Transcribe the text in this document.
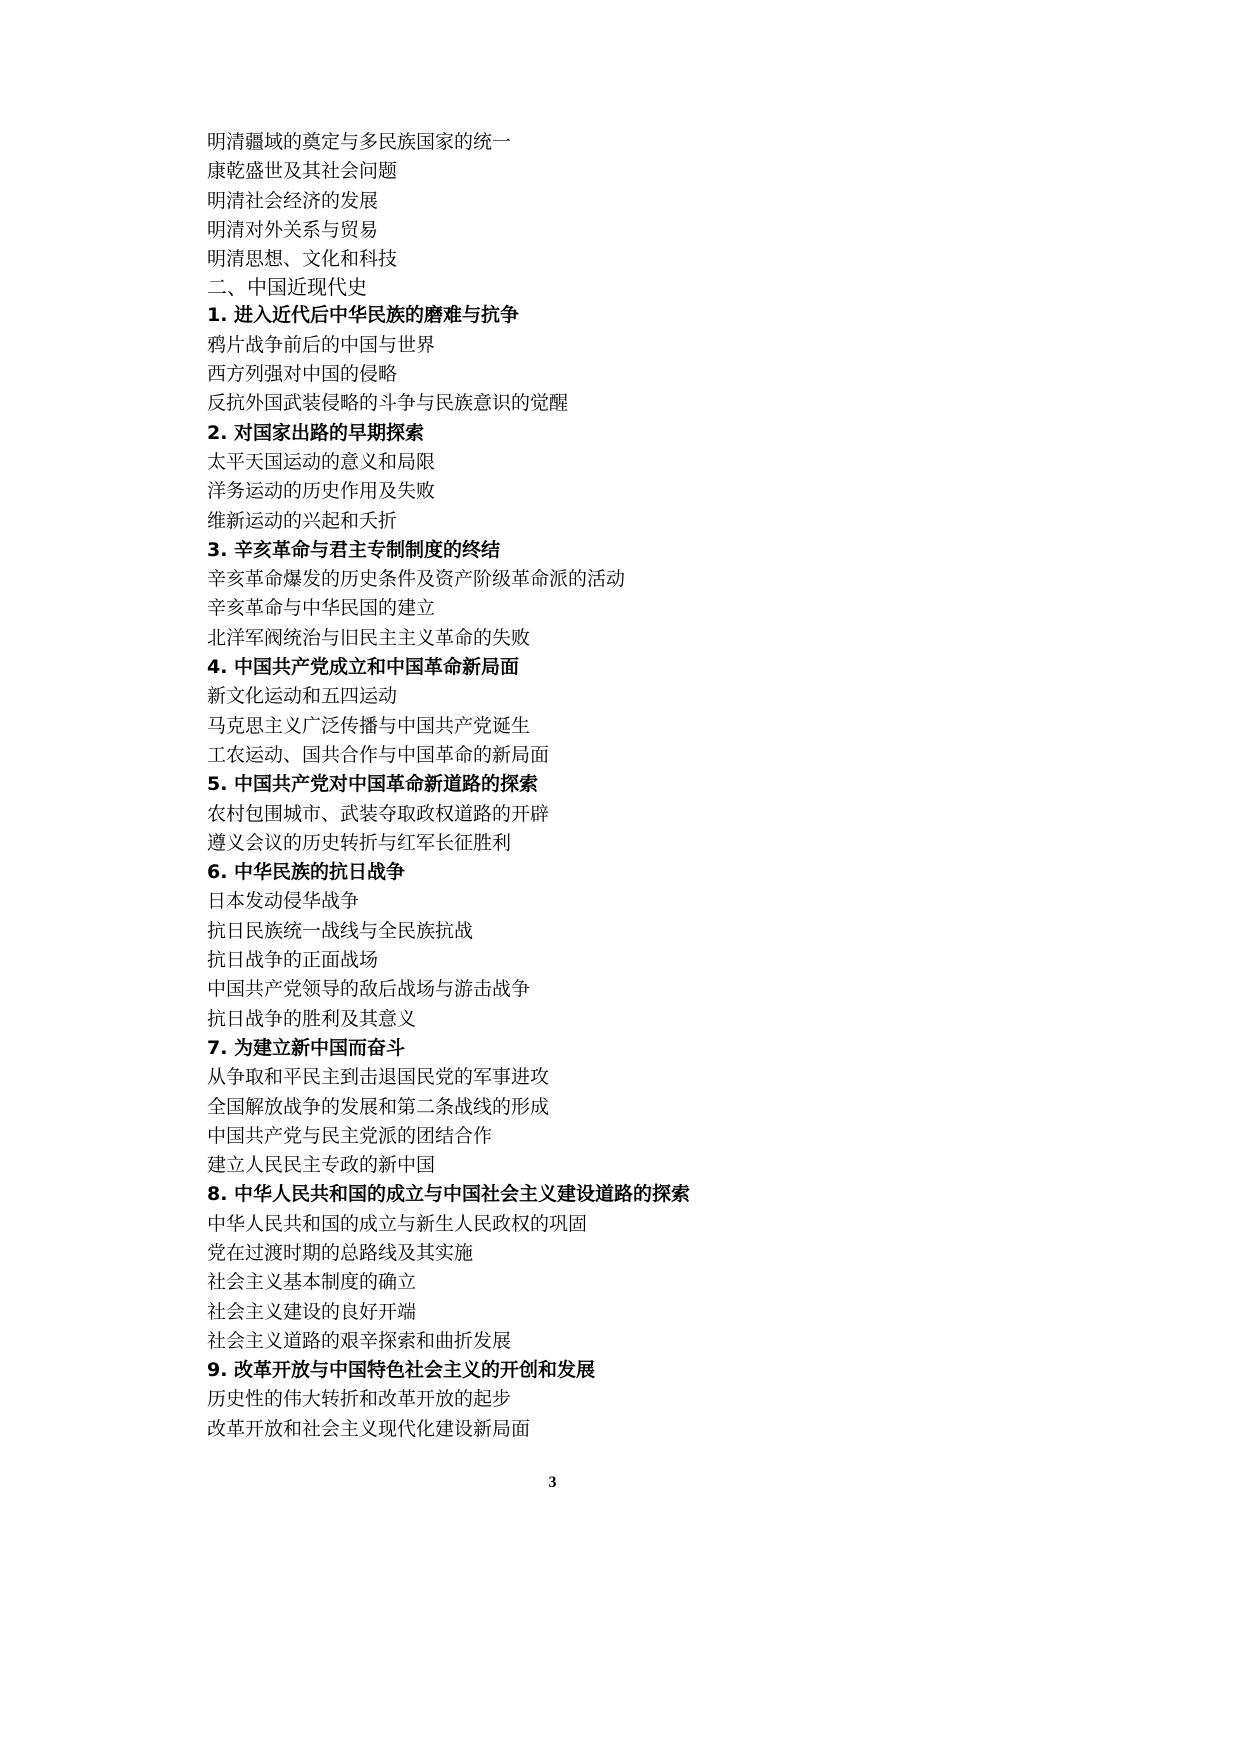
明清疆域的奠定与多民族国家的统一
康乾盛世及其社会问题
明清社会经济的发展
明清对外关系与贸易
明清思想、文化和科技
二、中国近现代史
1. 进入近代后中华民族的磨难与抗争
鸦片战争前后的中国与世界
西方列强对中国的侵略
反抗外国武装侵略的斗争与民族意识的觉醒
2. 对国家出路的早期探索
太平天国运动的意义和局限
洋务运动的历史作用及失败
维新运动的兴起和夭折
3. 辛亥革命与君主专制制度的终结
辛亥革命爆发的历史条件及资产阶级革命派的活动
辛亥革命与中华民国的建立
北洋军阀统治与旧民主主义革命的失败
4. 中国共产党成立和中国革命新局面
新文化运动和五四运动
马克思主义广泛传播与中国共产党诞生
工农运动、国共合作与中国革命的新局面
5. 中国共产党对中国革命新道路的探索
农村包围城市、武装夺取政权道路的开辟
遵义会议的历史转折与红军长征胜利
6. 中华民族的抗日战争
日本发动侵华战争
抗日民族统一战线与全民族抗战
抗日战争的正面战场
中国共产党领导的敌后战场与游击战争
抗日战争的胜利及其意义
7. 为建立新中国而奋斗
从争取和平民主到击退国民党的军事进攻
全国解放战争的发展和第二条战线的形成
中国共产党与民主党派的团结合作
建立人民民主专政的新中国
8. 中华人民共和国的成立与中国社会主义建设道路的探索
中华人民共和国的成立与新生人民政权的巩固
党在过渡时期的总路线及其实施
社会主义基本制度的确立
社会主义建设的良好开端
社会主义道路的艰辛探索和曲折发展
9. 改革开放与中国特色社会主义的开创和发展
历史性的伟大转折和改革开放的起步
改革开放和社会主义现代化建设新局面
3
